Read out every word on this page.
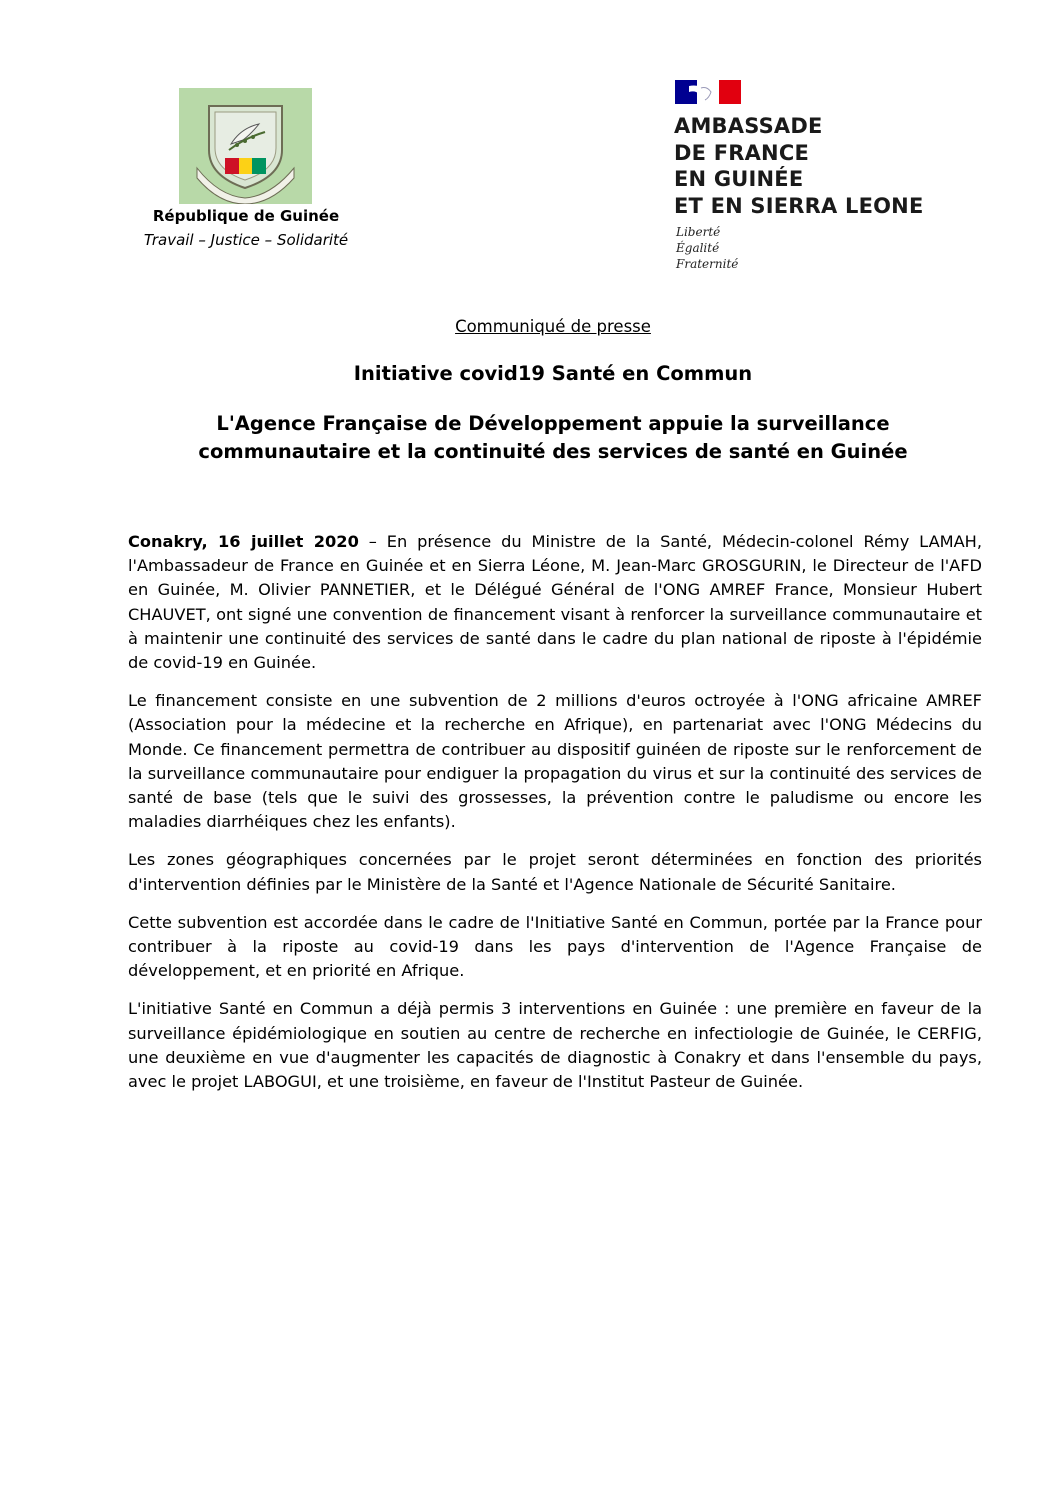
République de Guinée
Travail – Justice – Solidarité
AMBASSADE
DE FRANCE
EN GUINÉE
ET EN SIERRA LEONE
Liberté
Égalité
Fraternité
Communiqué de presse
Initiative covid19 Santé en Commun
L'Agence Française de Développement appuie la surveillance
communautaire et la continuité des services de santé en Guinée

Conakry, 16 juillet 2020 – En présence du Ministre de la Santé, Médecin-colonel Rémy LAMAH, l'Ambassadeur de France en Guinée et en Sierra Léone, M. Jean-Marc GROSGURIN, le Directeur de l'AFD en Guinée, M. Olivier PANNETIER, et le Délégué Général de l'ONG AMREF France, Monsieur Hubert CHAUVET, ont signé une convention de financement visant à renforcer la surveillance communautaire et à maintenir une continuité des services de santé dans le cadre du plan national de riposte à l'épidémie de covid-19 en Guinée.

Le financement consiste en une subvention de 2 millions d'euros octroyée à l'ONG africaine AMREF (Association pour la médecine et la recherche en Afrique), en partenariat avec l'ONG Médecins du Monde. Ce financement permettra de contribuer au dispositif guinéen de riposte sur le renforcement de la surveillance communautaire pour endiguer la propagation du virus et sur la continuité des services de santé de base (tels que le suivi des grossesses, la prévention contre le paludisme ou encore les maladies diarrhéiques chez les enfants).

Les zones géographiques concernées par le projet seront déterminées en fonction des priorités d'intervention définies par le Ministère de la Santé et l'Agence Nationale de Sécurité Sanitaire.

Cette subvention est accordée dans le cadre de l'Initiative Santé en Commun, portée par la France pour contribuer à la riposte au covid-19 dans les pays d'intervention de l'Agence Française de développement, et en priorité en Afrique.

L'initiative Santé en Commun a déjà permis 3 interventions en Guinée : une première en faveur de la surveillance épidémiologique en soutien au centre de recherche en infectiologie de Guinée, le CERFIG, une deuxième en vue d'augmenter les capacités de diagnostic à Conakry et dans l'ensemble du pays, avec le projet LABOGUI, et une troisième, en faveur de l'Institut Pasteur de Guinée.
